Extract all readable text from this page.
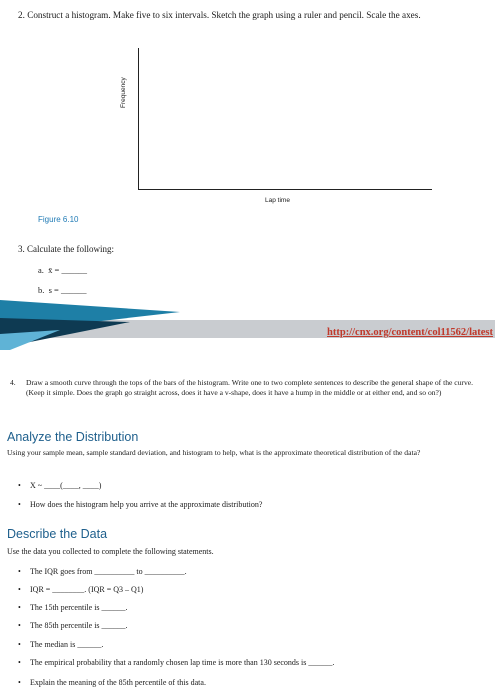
2. Construct a histogram. Make five to six intervals. Sketch the graph using a ruler and pencil. Scale the axes.
Frequency
Lap time
Figure 6.10
3. Calculate the following:
a. x̄ = ______
b. s = ______
http://cnx.org/content/col11562/latest
4. Draw a smooth curve through the tops of the bars of the histogram. Write one to two complete sentences to describe the general shape of the curve. (Keep it simple. Does the graph go straight across, does it have a v-shape, does it have a hump in the middle or at either end, and so on?)
Analyze the Distribution
Using your sample mean, sample standard deviation, and histogram to help, what is the approximate theoretical distribution of the data?
• X ~ ____(____, ____)
• How does the histogram help you arrive at the approximate distribution?
Describe the Data
Use the data you collected to complete the following statements.
• The IQR goes from __________ to __________.
• IQR = ________. (IQR = Q3 – Q1)
• The 15th percentile is ______.
• The 85th percentile is ______.
• The median is ______.
• The empirical probability that a randomly chosen lap time is more than 130 seconds is ______.
• Explain the meaning of the 85th percentile of this data.
